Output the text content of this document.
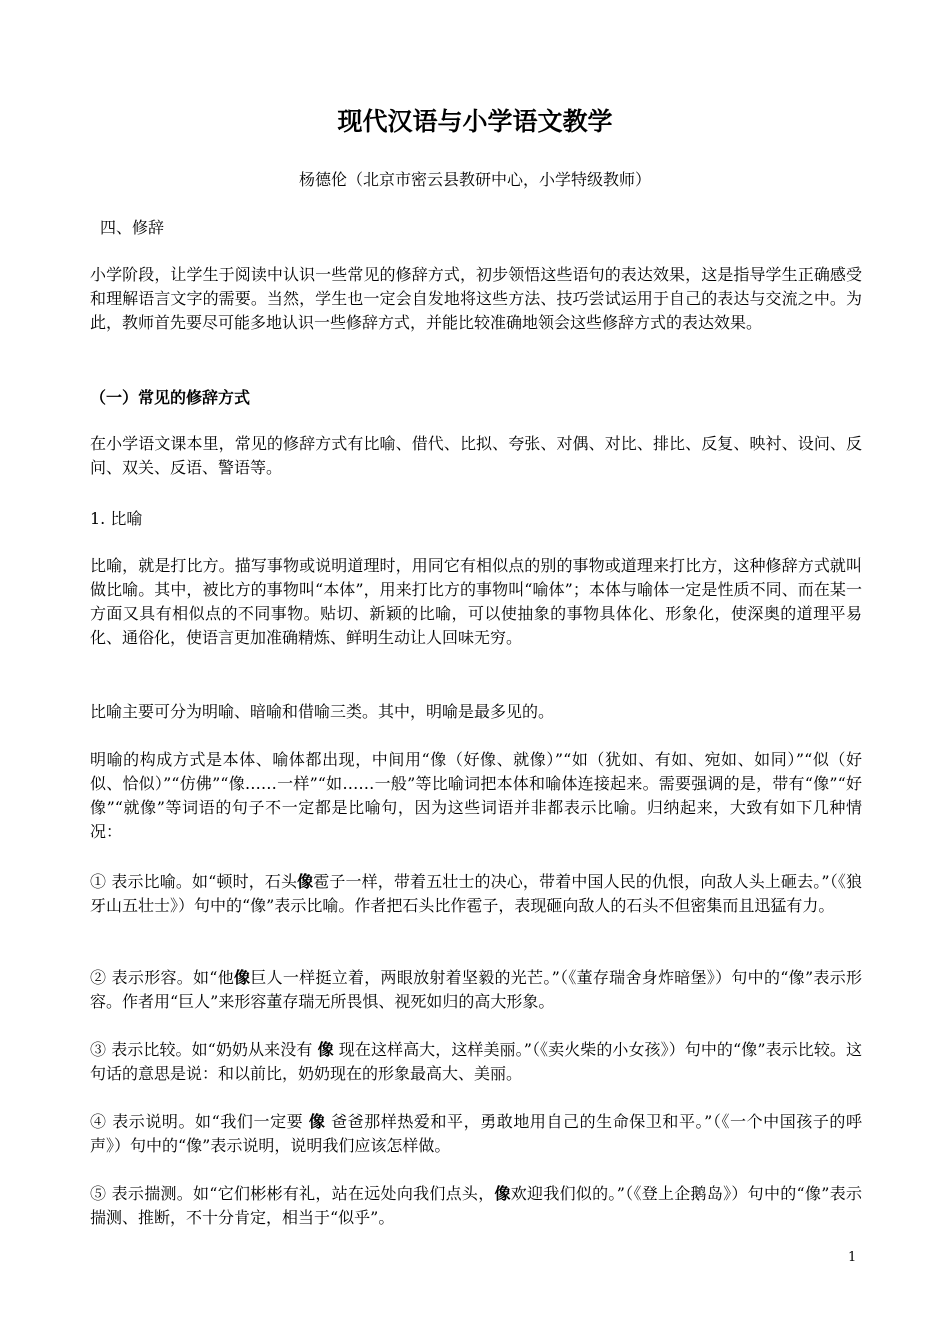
现代汉语与小学语文教学
杨德伦（北京市密云县教研中心，小学特级教师）
四、修辞

小学阶段，让学生于阅读中认识一些常见的修辞方式，初步领悟这些语句的表达效果，这是指导学生正确感受和理解语言文字的需要。当然，学生也一定会自发地将这些方法、技巧尝试运用于自己的表达与交流之中。为此，教师首先要尽可能多地认识一些修辞方式，并能比较准确地领会这些修辞方式的表达效果。

（一）常见的修辞方式

在小学语文课本里，常见的修辞方式有比喻、借代、比拟、夸张、对偶、对比、排比、反复、映衬、设问、反问、双关、反语、警语等。

1. 比喻

比喻，就是打比方。描写事物或说明道理时，用同它有相似点的别的事物或道理来打比方，这种修辞方式就叫做比喻。其中，被比方的事物叫“本体”，用来打比方的事物叫“喻体”；本体与喻体一定是性质不同、而在某一方面又具有相似点的不同事物。贴切、新颖的比喻，可以使抽象的事物具体化、形象化，使深奥的道理平易化、通俗化，使语言更加准确精炼、鲜明生动让人回味无穷。

比喻主要可分为明喻、暗喻和借喻三类。其中，明喻是最多见的。

明喻的构成方式是本体、喻体都出现，中间用“像（好像、就像）”“如（犹如、有如、宛如、如同）”“似（好似、恰似）”“仿佛”“像……一样”“如……一般”等比喻词把本体和喻体连接起来。需要强调的是，带有“像”“好像”“就像”等词语的句子不一定都是比喻句，因为这些词语并非都表示比喻。归纳起来，大致有如下几种情况：

① 表示比喻。如“顿时，石头像雹子一样，带着五壮士的决心，带着中国人民的仇恨，向敌人头上砸去。”（《狼牙山五壮士》）句中的“像”表示比喻。作者把石头比作雹子，表现砸向敌人的石头不但密集而且迅猛有力。

② 表示形容。如“他像巨人一样挺立着，两眼放射着坚毅的光芒。”（《董存瑞舍身炸暗堡》）句中的“像”表示形容。作者用“巨人”来形容董存瑞无所畏惧、视死如归的高大形象。

③ 表示比较。如“奶奶从来没有 像 现在这样高大，这样美丽。”（《卖火柴的小女孩》）句中的“像”表示比较。这句话的意思是说：和以前比，奶奶现在的形象最高大、美丽。

④ 表示说明。如“我们一定要 像 爸爸那样热爱和平，勇敢地用自己的生命保卫和平。”（《一个中国孩子的呼声》）句中的“像”表示说明，说明我们应该怎样做。

⑤ 表示揣测。如“它们彬彬有礼，站在远处向我们点头，像欢迎我们似的。”（《登上企鹅岛》）句中的“像”表示揣测、推断，不十分肯定，相当于“似乎”。

1
